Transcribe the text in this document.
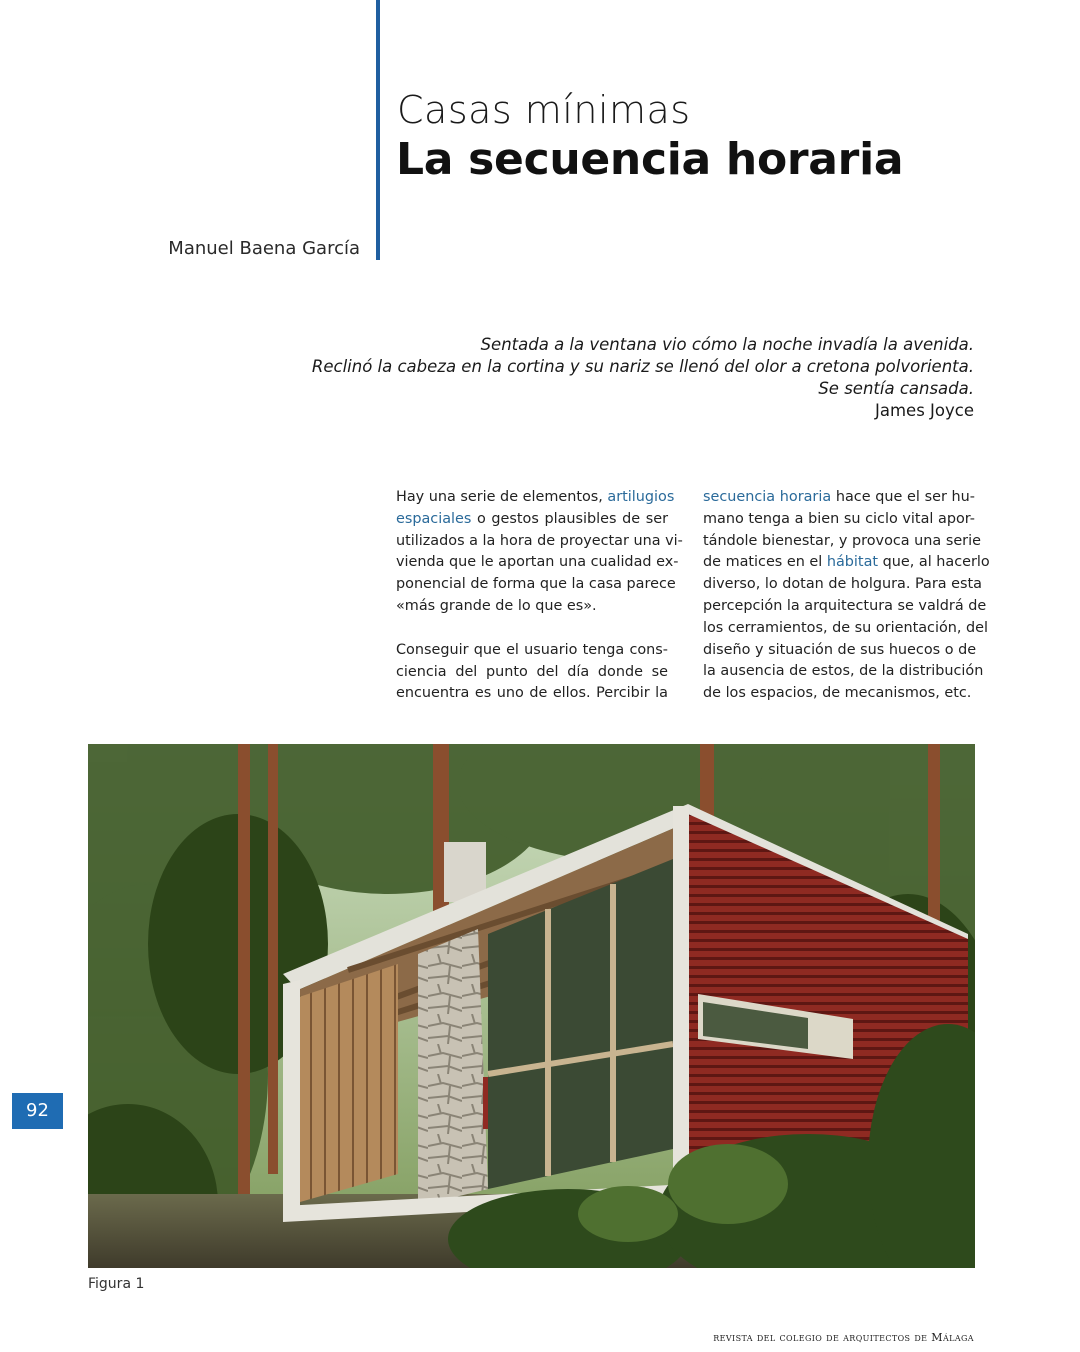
Casas mínimas
La secuencia horaria
Manuel Baena García
Sentada a la ventana vio cómo la noche invadía la avenida.
Reclinó la cabeza en la cortina y su nariz se llenó del olor a cretona polvorienta.
Se sentía cansada.
James Joyce

Hay una serie de elementos, artilugios
espaciales o gestos plausibles de ser
utilizados a la hora de proyectar una vi-
vienda que le aportan una cualidad ex-
ponencial de forma que la casa parece
«más grande de lo que es».

Conseguir que el usuario tenga cons-
ciencia del punto del día donde se
encuentra es uno de ellos. Percibir la

secuencia horaria hace que el ser hu-
mano tenga a bien su ciclo vital apor-
tándole bienestar, y provoca una serie
de matices en el hábitat que, al hacerlo
diverso, lo dotan de holgura. Para esta
percepción la arquitectura se valdrá de
los cerramientos, de su orientación, del
diseño y situación de sus huecos o de
la ausencia de estos, de la distribución
de los espacios, de mecanismos, etc.

Figura 1
92
revista del colegio de arquitectos de Málaga
